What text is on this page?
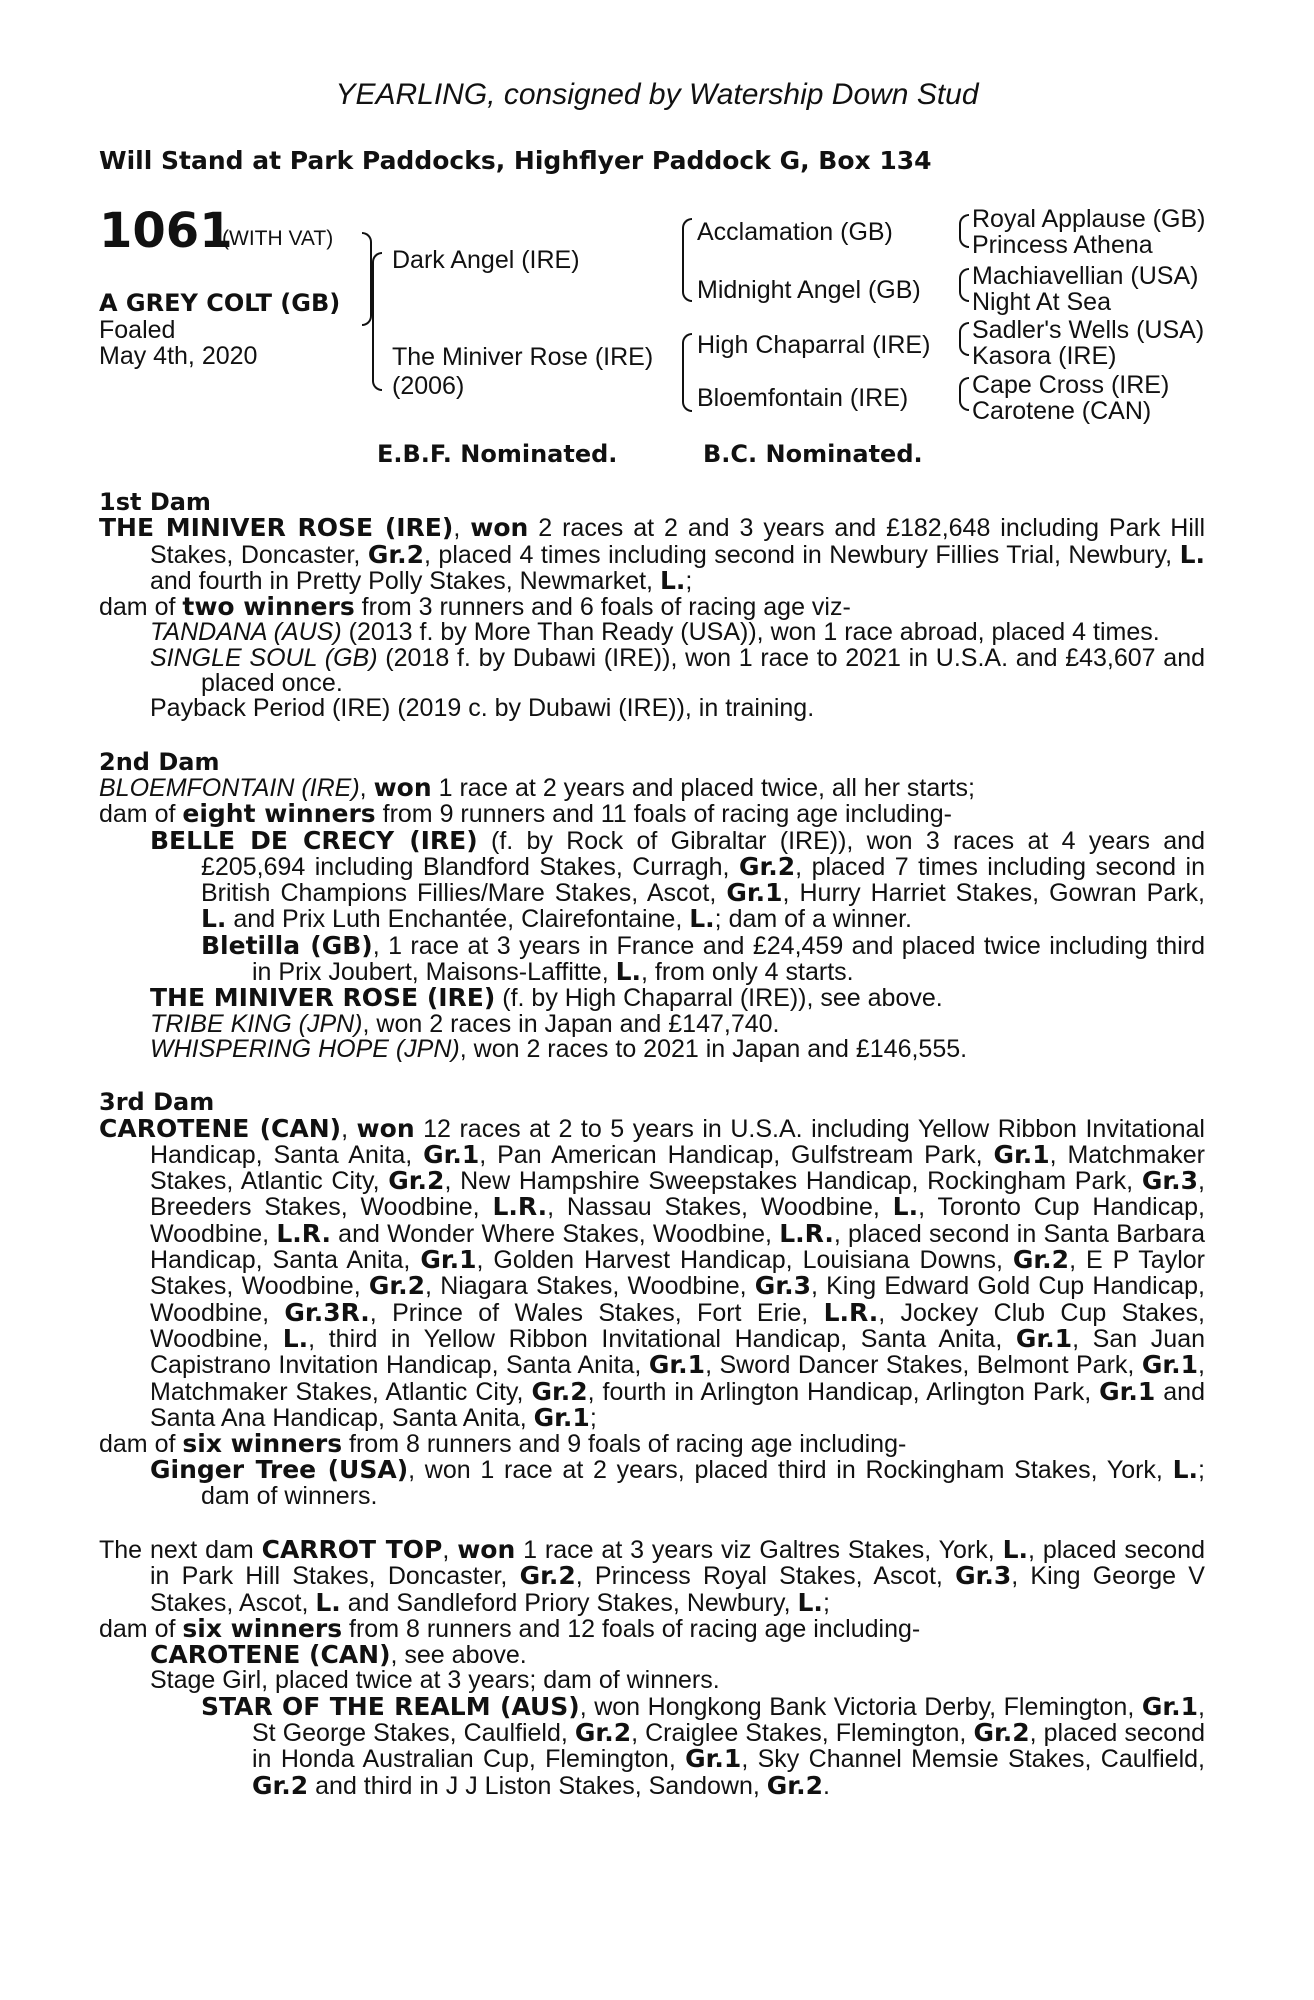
YEARLING, consigned by Watership Down Stud
Will Stand at Park Paddocks, Highflyer Paddock G, Box 134
1061
(WITH VAT)
A GREY COLT (GB)
Foaled
May 4th, 2020
Dark Angel (IRE)
The Miniver Rose (IRE)
(2006)
Acclamation (GB)
Midnight Angel (GB)
High Chaparral (IRE)
Bloemfontain (IRE)
Royal Applause (GB)
Princess Athena
Machiavellian (USA)
Night At Sea
Sadler's Wells (USA)
Kasora (IRE)
Cape Cross (IRE)
Carotene (CAN)
E.B.F. Nominated.	B.C. Nominated.
1st Dam
THE MINIVER ROSE (IRE), won 2 races at 2 and 3 years and £182,648 including Park Hill Stakes, Doncaster, Gr.2, placed 4 times including second in Newbury Fillies Trial, Newbury, L. and fourth in Pretty Polly Stakes, Newmarket, L.;
dam of two winners from 3 runners and 6 foals of racing age viz-
TANDANA (AUS) (2013 f. by More Than Ready (USA)), won 1 race abroad, placed 4 times.
SINGLE SOUL (GB) (2018 f. by Dubawi (IRE)), won 1 race to 2021 in U.S.A. and £43,607 and placed once.
Payback Period (IRE) (2019 c. by Dubawi (IRE)), in training.
2nd Dam
BLOEMFONTAIN (IRE), won 1 race at 2 years and placed twice, all her starts;
dam of eight winners from 9 runners and 11 foals of racing age including-
BELLE DE CRECY (IRE) (f. by Rock of Gibraltar (IRE)), won 3 races at 4 years and £205,694 including Blandford Stakes, Curragh, Gr.2, placed 7 times including second in British Champions Fillies/Mare Stakes, Ascot, Gr.1, Hurry Harriet Stakes, Gowran Park, L. and Prix Luth Enchantée, Clairefontaine, L.; dam of a winner.
Bletilla (GB), 1 race at 3 years in France and £24,459 and placed twice including third in Prix Joubert, Maisons-Laffitte, L., from only 4 starts.
THE MINIVER ROSE (IRE) (f. by High Chaparral (IRE)), see above.
TRIBE KING (JPN), won 2 races in Japan and £147,740.
WHISPERING HOPE (JPN), won 2 races to 2021 in Japan and £146,555.
3rd Dam
CAROTENE (CAN), won 12 races at 2 to 5 years in U.S.A. including Yellow Ribbon Invitational Handicap, Santa Anita, Gr.1, Pan American Handicap, Gulfstream Park, Gr.1, Matchmaker Stakes, Atlantic City, Gr.2, New Hampshire Sweepstakes Handicap, Rockingham Park, Gr.3, Breeders Stakes, Woodbine, L.R., Nassau Stakes, Woodbine, L., Toronto Cup Handicap, Woodbine, L.R. and Wonder Where Stakes, Woodbine, L.R., placed second in Santa Barbara Handicap, Santa Anita, Gr.1, Golden Harvest Handicap, Louisiana Downs, Gr.2, E P Taylor Stakes, Woodbine, Gr.2, Niagara Stakes, Woodbine, Gr.3, King Edward Gold Cup Handicap, Woodbine, Gr.3R., Prince of Wales Stakes, Fort Erie, L.R., Jockey Club Cup Stakes, Woodbine, L., third in Yellow Ribbon Invitational Handicap, Santa Anita, Gr.1, San Juan Capistrano Invitation Handicap, Santa Anita, Gr.1, Sword Dancer Stakes, Belmont Park, Gr.1, Matchmaker Stakes, Atlantic City, Gr.2, fourth in Arlington Handicap, Arlington Park, Gr.1 and Santa Ana Handicap, Santa Anita, Gr.1;
dam of six winners from 8 runners and 9 foals of racing age including-
Ginger Tree (USA), won 1 race at 2 years, placed third in Rockingham Stakes, York, L.; dam of winners.
The next dam CARROT TOP, won 1 race at 3 years viz Galtres Stakes, York, L., placed second in Park Hill Stakes, Doncaster, Gr.2, Princess Royal Stakes, Ascot, Gr.3, King George V Stakes, Ascot, L. and Sandleford Priory Stakes, Newbury, L.;
dam of six winners from 8 runners and 12 foals of racing age including-
CAROTENE (CAN), see above.
Stage Girl, placed twice at 3 years; dam of winners.
STAR OF THE REALM (AUS), won Hongkong Bank Victoria Derby, Flemington, Gr.1, St George Stakes, Caulfield, Gr.2, Craiglee Stakes, Flemington, Gr.2, placed second in Honda Australian Cup, Flemington, Gr.1, Sky Channel Memsie Stakes, Caulfield, Gr.2 and third in J J Liston Stakes, Sandown, Gr.2.
